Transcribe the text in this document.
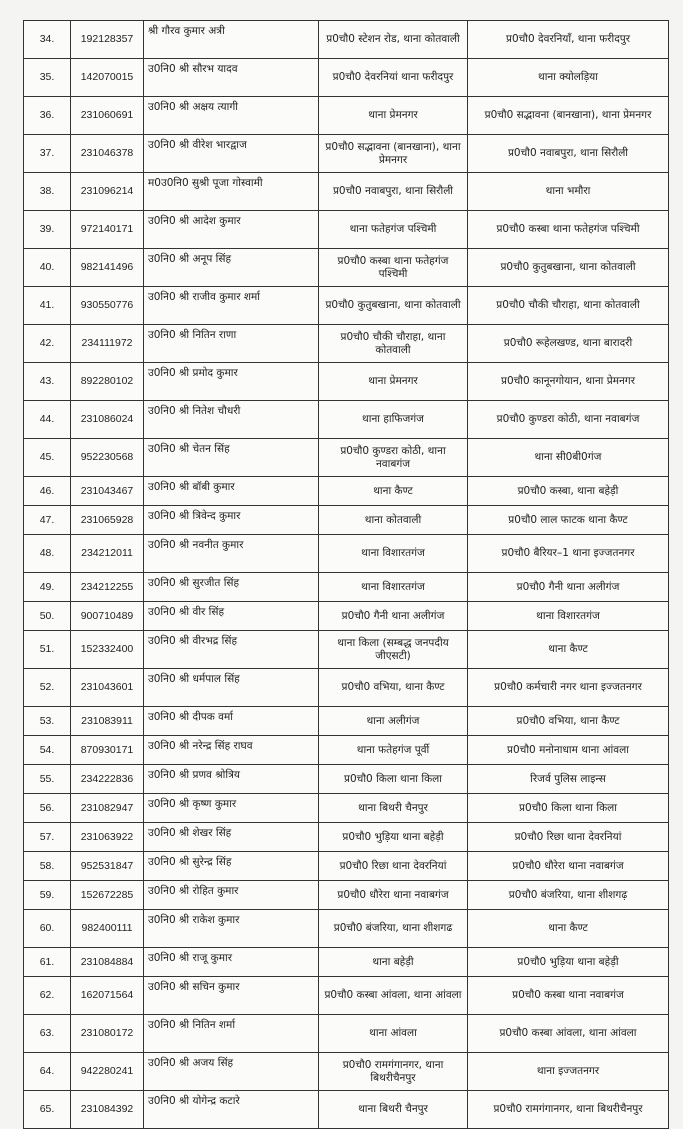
34.	192128357	श्री गौरव कुमार अत्री	प्र0चौ0 स्टेशन रोड, थाना कोतवाली	प्र0चौ0 देवरनियाँ, थाना फरीदपुर
35.	142070015	उ0नि0 श्री सौरभ यादव	प्र0चौ0 देवरनियां थाना फरीदपुर	थाना क्योलड़िया
36.	231060691	उ0नि0 श्री अक्षय त्यागी	थाना प्रेमनगर	प्र0चौ0 सद्भावना (बानखाना), थाना प्रेमनगर
37.	231046378	उ0नि0 श्री वीरेश भारद्वाज	प्र0चौ0 सद्भावना (बानखाना), थाना प्रेमनगर	प्र0चौ0 नवाबपुरा, थाना सिरौली
38.	231096214	म0उ0नि0 सुश्री पूजा गोस्वामी	प्र0चौ0 नवाबपुरा, थाना सिरौली	थाना भमौरा
39.	972140171	उ0नि0 श्री आदेश कुमार	थाना फतेहगंज पश्चिमी	प्र0चौ0 कस्बा थाना फतेहगंज पश्चिमी
40.	982141496	उ0नि0 श्री अनूप सिंह	प्र0चौ0 कस्बा थाना फतेहगंज पश्चिमी	प्र0चौ0 कुतुबखाना, थाना कोतवाली
41.	930550776	उ0नि0 श्री राजीव कुमार शर्मा	प्र0चौ0 कुतुबखाना, थाना कोतवाली	प्र0चौ0 चौकी चौराहा, थाना कोतवाली
42.	234111972	उ0नि0 श्री नितिन राणा	प्र0चौ0 चौकी चौराहा, थाना कोतवाली	प्र0चौ0 रूहेलखण्ड, थाना बारादरी
43.	892280102	उ0नि0 श्री प्रमोद कुमार	थाना प्रेमनगर	प्र0चौ0 कानूनगोयान, थाना प्रेमनगर
44.	231086024	उ0नि0 श्री नितेश चौधरी	थाना हाफिजगंज	प्र0चौ0 कुण्डरा कोठी, थाना नवाबगंज
45.	952230568	उ0नि0 श्री चेतन सिंह	प्र0चौ0 कुण्डरा कोठी, थाना नवाबगंज	थाना सी0बी0गंज
46.	231043467	उ0नि0 श्री बॉबी कुमार	थाना कैण्ट	प्र0चौ0 कस्बा, थाना बहेड़ी
47.	231065928	उ0नि0 श्री त्रिवेन्द कुमार	थाना कोतवाली	प्र0चौ0 लाल फाटक थाना कैण्ट
48.	234212011	उ0नि0 श्री नवनीत कुमार	थाना विशारतगंज	प्र0चौ0 बैरियर–1 थाना इज्जतनगर
49.	234212255	उ0नि0 श्री सुरजीत सिंह	थाना विशारतगंज	प्र0चौ0 गैनी थाना अलीगंज
50.	900710489	उ0नि0 श्री वीर सिंह	प्र0चौ0 गैनी थाना अलीगंज	थाना विशारतगंज
51.	152332400	उ0नि0 श्री वीरभद्र सिंह	थाना किला (सम्बद्ध जनपदीय जीएसटी)	थाना कैण्ट
52.	231043601	उ0नि0 श्री धर्मपाल सिंह	प्र0चौ0 वभिया, थाना कैण्ट	प्र0चौ0 कर्मचारी नगर थाना इज्जतनगर
53.	231083911	उ0नि0 श्री दीपक वर्मा	थाना अलीगंज	प्र0चौ0 वभिया, थाना कैण्ट
54.	870930171	उ0नि0 श्री नरेन्द्र सिंह राघव	थाना फतेहगंज पूर्वी	प्र0चौ0 मनोनाधाम थाना आंवला
55.	234222836	उ0नि0 श्री प्रणव श्रोत्रिय	प्र0चौ0 किला थाना किला	रिजर्व पुलिस लाइन्स
56.	231082947	उ0नि0 श्री कृष्ण कुमार	थाना बिथरी चैनपुर	प्र0चौ0 किला थाना किला
57.	231063922	उ0नि0 श्री शेखर सिंह	प्र0चौ0 भुड़िया थाना बहेड़ी	प्र0चौ0 रिछा थाना देवरनियां
58.	952531847	उ0नि0 श्री सुरेन्द्र सिंह	प्र0चौ0 रिछा थाना देवरनियां	प्र0चौ0 धौरेरा थाना नवाबगंज
59.	152672285	उ0नि0 श्री रोहित कुमार	प्र0चौ0 धौरेरा थाना नवाबगंज	प्र0चौ0 बंजरिया, थाना शीशगढ़
60.	982400111	उ0नि0 श्री राकेश कुमार	प्र0चौ0 बंजरिया, थाना शीशगढ	थाना कैण्ट
61.	231084884	उ0नि0 श्री राजू कुमार	थाना बहेड़ी	प्र0चौ0 भुड़िया थाना बहेड़ी
62.	162071564	उ0नि0 श्री सचिन कुमार	प्र0चौ0 कस्बा आंवला, थाना आंवला	प्र0चौ0 कस्बा थाना नवाबगंज
63.	231080172	उ0नि0 श्री नितिन शर्मा	थाना आंवला	प्र0चौ0 कस्बा आंवला, थाना आंवला
64.	942280241	उ0नि0 श्री अजय सिंह	प्र0चौ0 रामगंगानगर, थाना बिथरीचैनपुर	थाना इज्जतनगर
65.	231084392	उ0नि0 श्री योगेन्द्र कटारे	थाना बिथरी चैनपुर	प्र0चौ0 रामगंगानगर, थाना बिथरीचैनपुर
